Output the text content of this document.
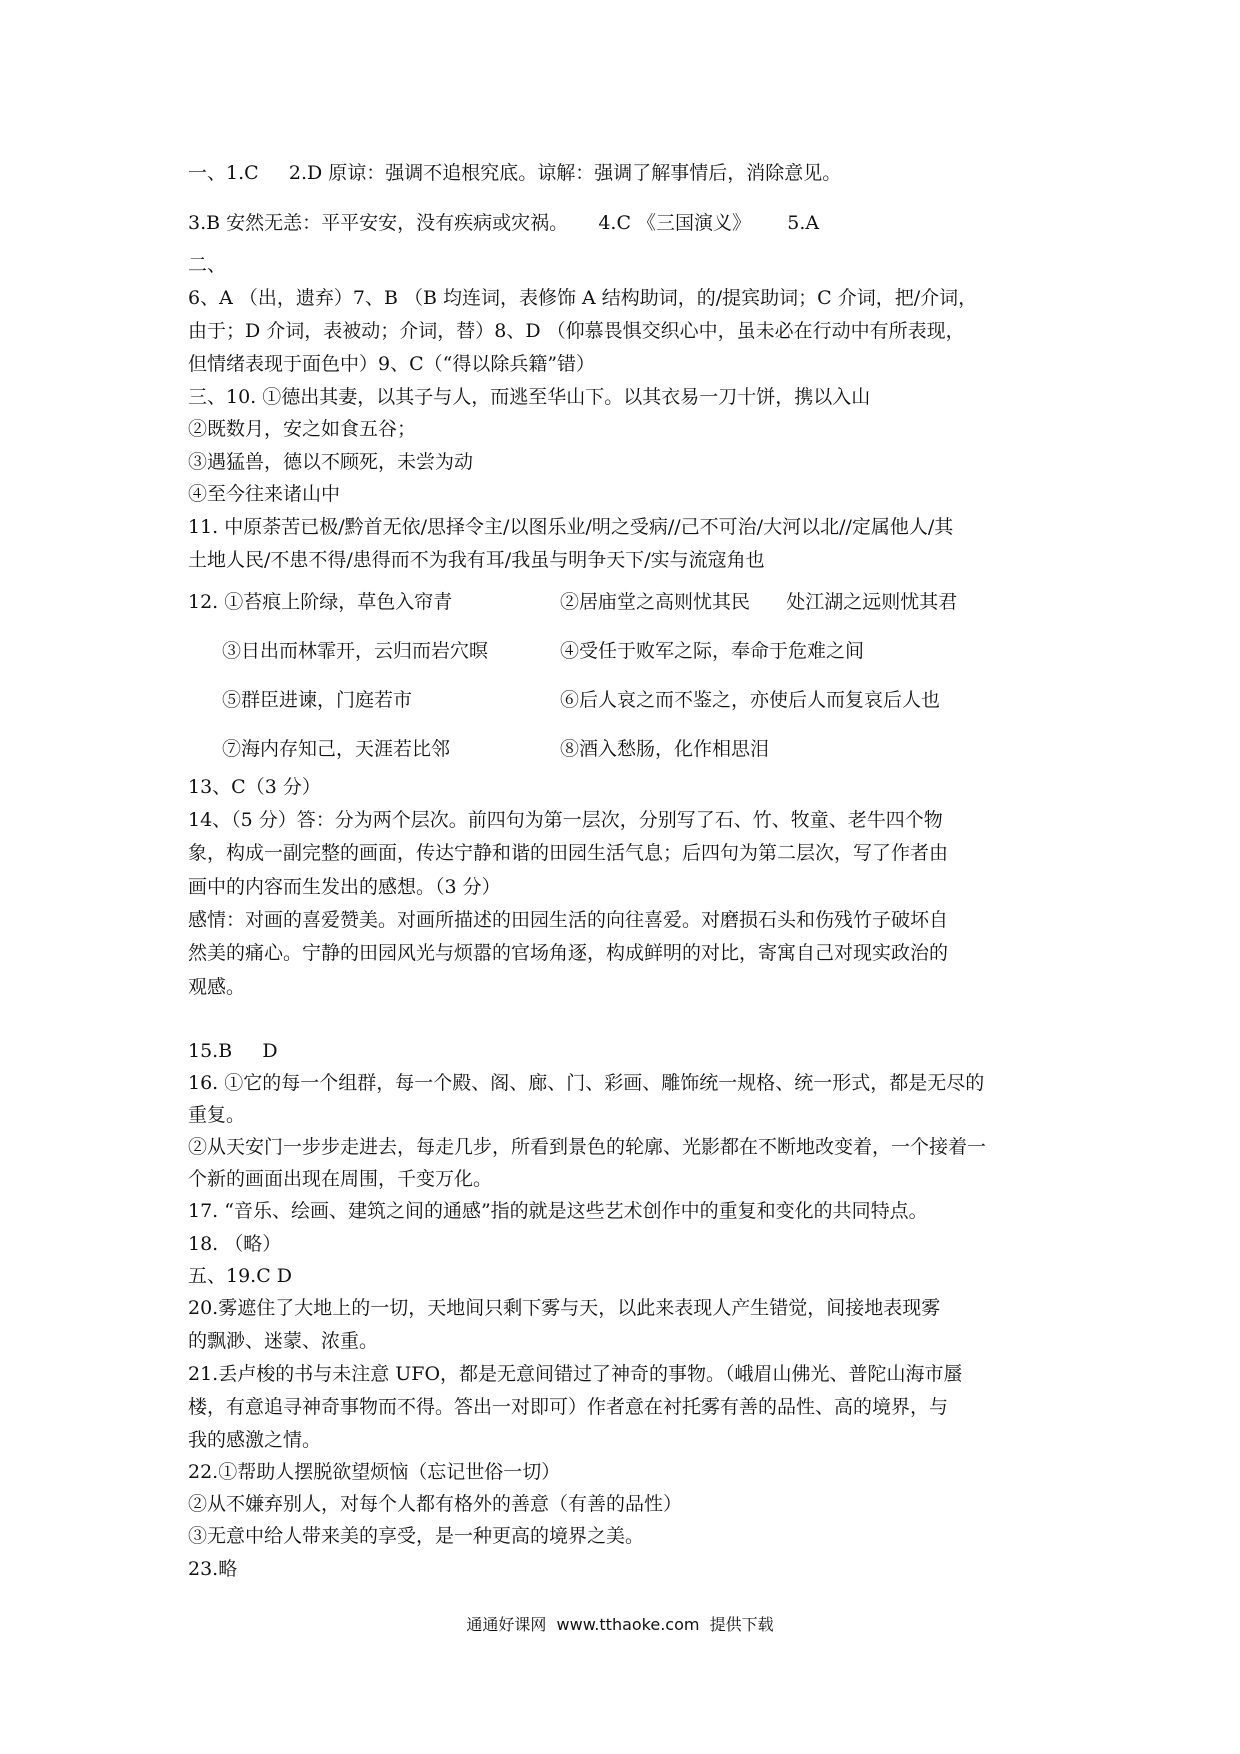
一、1.C     2.D 原谅：强调不追根究底。谅解：强调了解事情后，消除意见。
3.B 安然无恙：平平安安，没有疾病或灾祸。     4.C 《三国演义》      5.A
二、
6、A （出，遗弃）7、B （B 均连词，表修饰 A 结构助词，的/提宾助词；C 介词，把/介词，
由于；D 介词，表被动；介词，替）8、D （仰慕畏惧交织心中，虽未必在行动中有所表现，
但情绪表现于面色中）9、C（“得以除兵籍”错）
三、10. ①德出其妻，以其子与人，而逃至华山下。以其衣易一刀十饼，携以入山
②既数月，安之如食五谷；
③遇猛兽，德以不顾死，未尝为动
④至今往来诸山中
11. 中原荼苦已极/黔首无依/思择令主/以图乐业/明之受病//己不可治/大河以北//定属他人/其
土地人民/不患不得/患得而不为我有耳/我虽与明争天下/实与流寇角也
12. ①苔痕上阶绿，草色入帘青	②居庙堂之高则忧其民      处江湖之远则忧其君
③日出而林霏开，云归而岩穴暝	④受任于败军之际，奉命于危难之间
⑤群臣进谏，门庭若市	⑥后人哀之而不鉴之，亦使后人而复哀后人也
⑦海内存知己，天涯若比邻	⑧酒入愁肠，化作相思泪
13、C（3 分）
14、（5 分）答：分为两个层次。前四句为第一层次，分别写了石、竹、牧童、老牛四个物
象，构成一副完整的画面，传达宁静和谐的田园生活气息；后四句为第二层次，写了作者由
画中的内容而生发出的感想。（3 分）
感情：对画的喜爱赞美。对画所描述的田园生活的向往喜爱。对磨损石头和伤残竹子破坏自
然美的痛心。宁静的田园风光与烦嚣的官场角逐，构成鲜明的对比，寄寓自己对现实政治的
观感。
15.B     D
16. ①它的每一个组群，每一个殿、阁、廊、门、彩画、雕饰统一规格、统一形式，都是无尽的
重复。
②从天安门一步步走进去，每走几步，所看到景色的轮廓、光影都在不断地改变着，一个接着一
个新的画面出现在周围，千变万化。
17. “音乐、绘画、建筑之间的通感”指的就是这些艺术创作中的重复和变化的共同特点。
18. （略）
五、19.C D
20.雾遮住了大地上的一切，天地间只剩下雾与天，以此来表现人产生错觉，间接地表现雾
的飘渺、迷蒙、浓重。
21.丢卢梭的书与未注意 UFO，都是无意间错过了神奇的事物。（峨眉山佛光、普陀山海市蜃
楼，有意追寻神奇事物而不得。答出一对即可）作者意在衬托雾有善的品性、高的境界，与
我的感激之情。
22.①帮助人摆脱欲望烦恼（忘记世俗一切）
②从不嫌弃别人，对每个人都有格外的善意（有善的品性）
③无意中给人带来美的享受，是一种更高的境界之美。
23.略
通通好课网  www.tthaoke.com  提供下载
